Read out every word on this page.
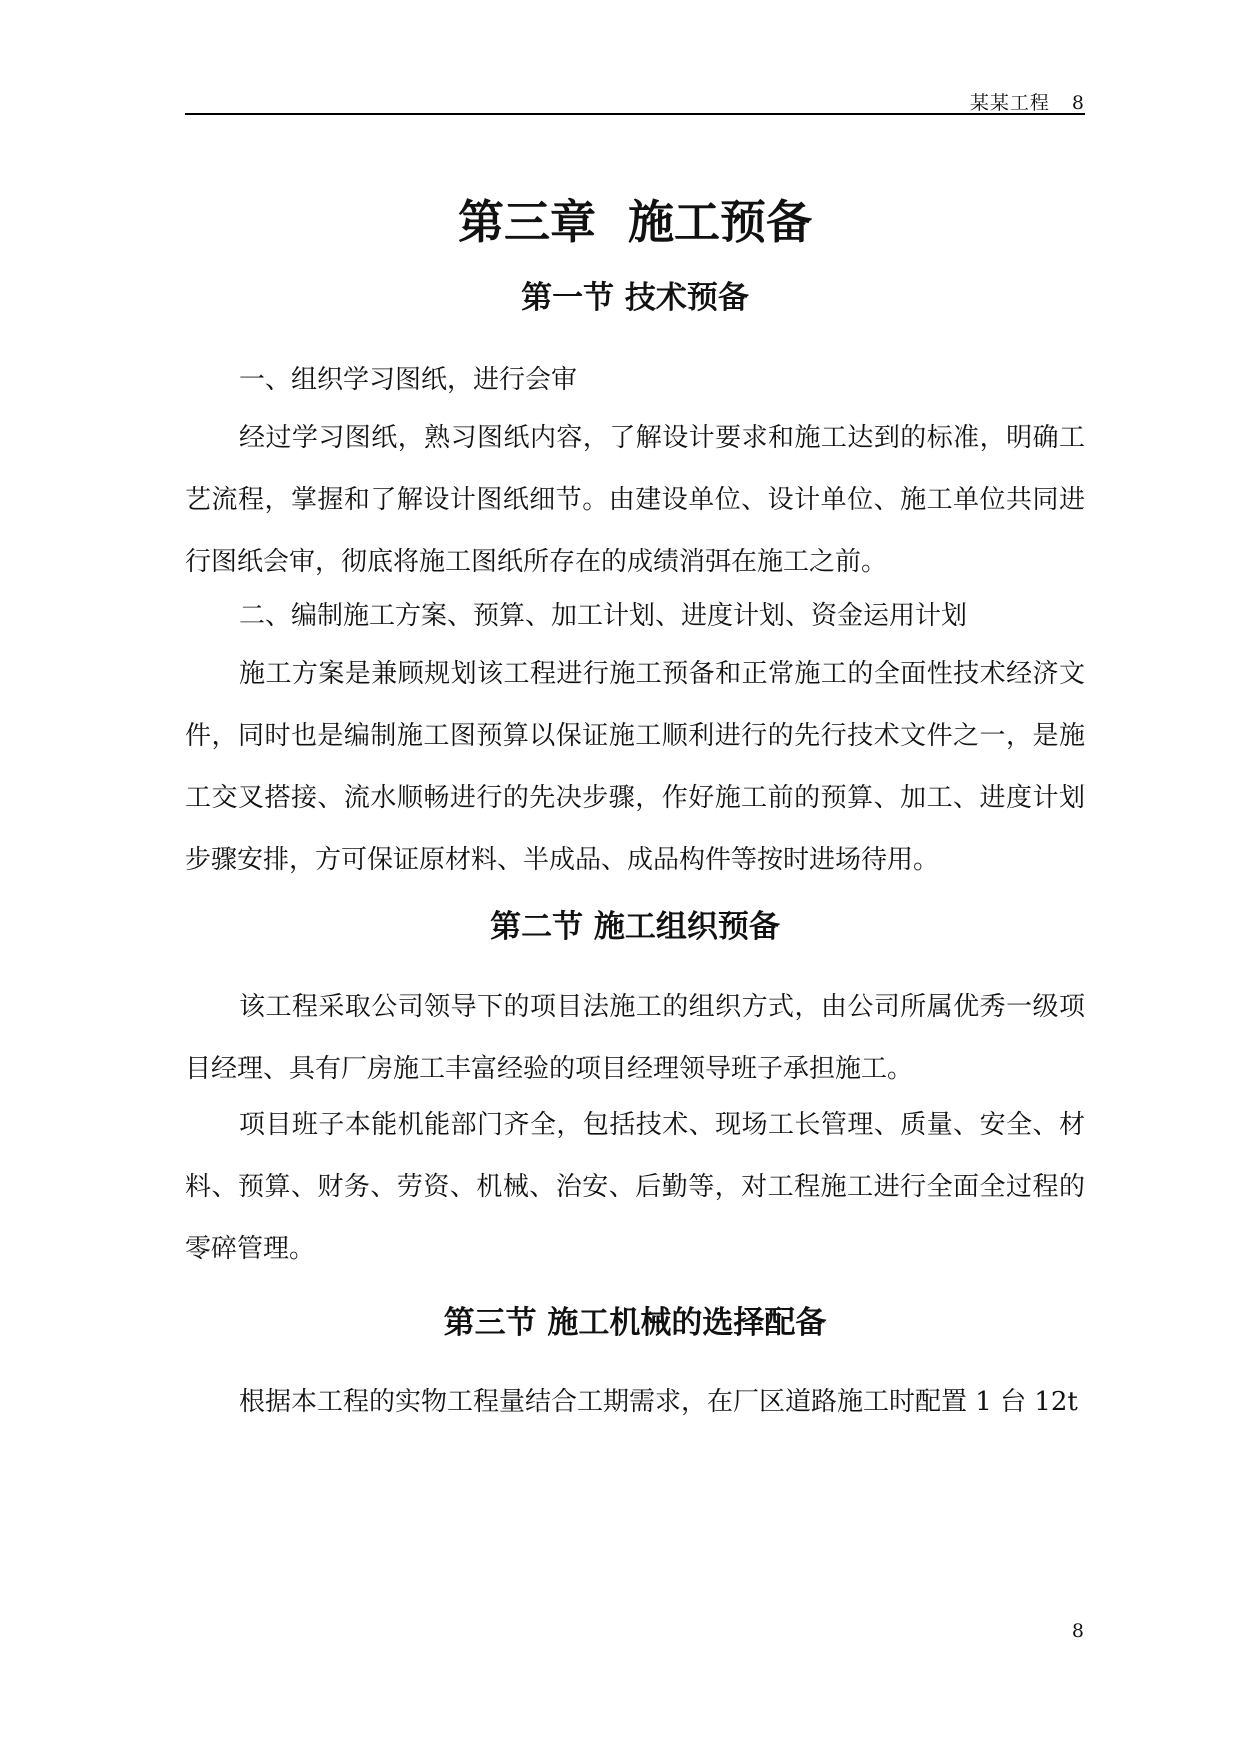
某某工程 8
第三章  施工预备
第一节 技术预备

一、组织学习图纸，进行会审

经过学习图纸，熟习图纸内容，了解设计要求和施工达到的标准，明确工艺流程，掌握和了解设计图纸细节。由建设单位、设计单位、施工单位共同进行图纸会审，彻底将施工图纸所存在的成绩消弭在施工之前。

二、编制施工方案、预算、加工计划、进度计划、资金运用计划

施工方案是兼顾规划该工程进行施工预备和正常施工的全面性技术经济文件，同时也是编制施工图预算以保证施工顺利进行的先行技术文件之一，是施工交叉搭接、流水顺畅进行的先决步骤，作好施工前的预算、加工、进度计划步骤安排，方可保证原材料、半成品、成品构件等按时进场待用。

第二节 施工组织预备

该工程采取公司领导下的项目法施工的组织方式，由公司所属优秀一级项目经理、具有厂房施工丰富经验的项目经理领导班子承担施工。

项目班子本能机能部门齐全，包括技术、现场工长管理、质量、安全、材料、预算、财务、劳资、机械、治安、后勤等，对工程施工进行全面全过程的零碎管理。

第三节 施工机械的选择配备

根据本工程的实物工程量结合工期需求，在厂区道路施工时配置 1 台 12t

8
